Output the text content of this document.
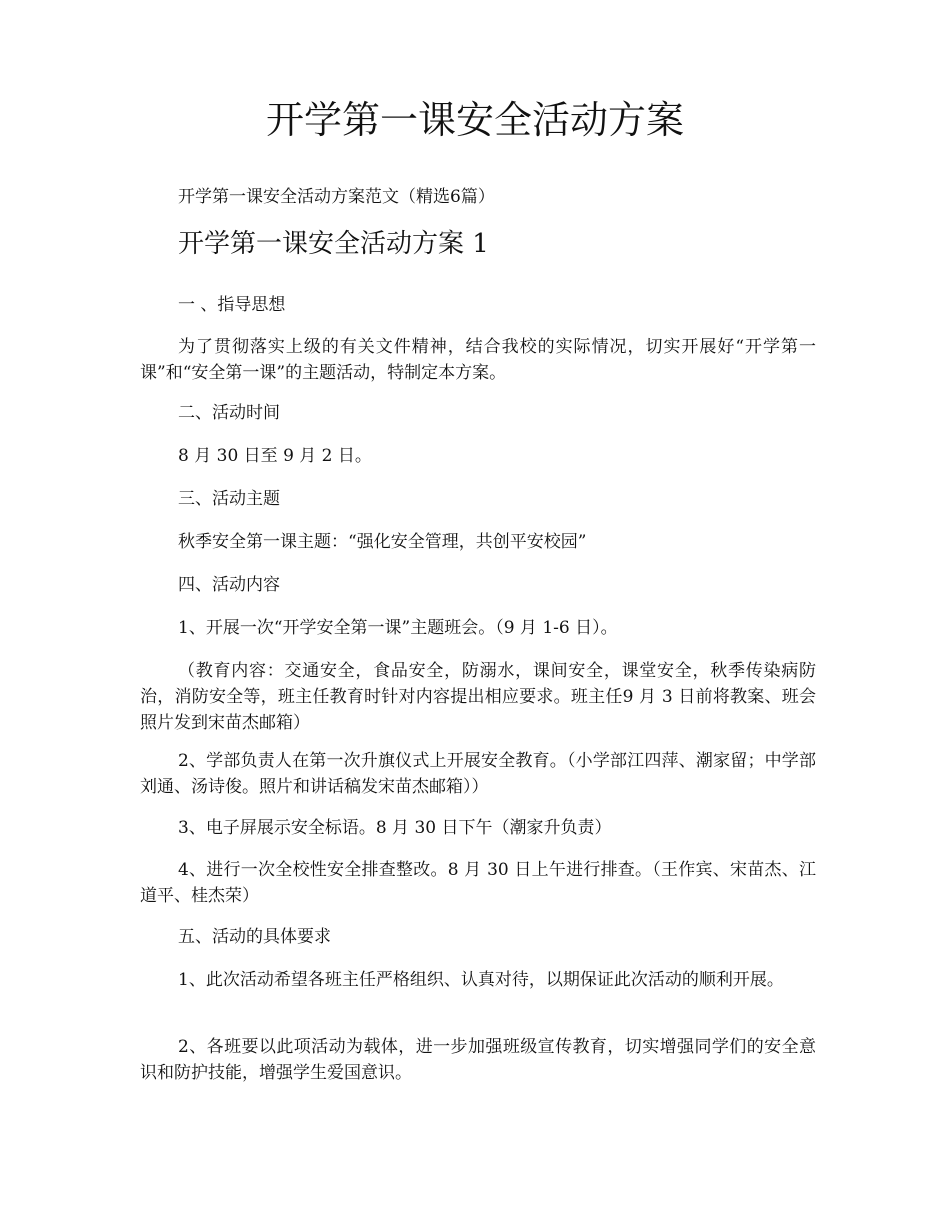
开学第一课安全活动方案
开学第一课安全活动方案范文（精选6篇）
开学第一课安全活动方案 1

一 、指导思想

为了贯彻落实上级的有关文件精神，结合我校的实际情况，切实开展好“开学第一课”和“安全第一课”的主题活动，特制定本方案。

二、活动时间

8 月 30 日至 9 月 2 日。

三、活动主题

秋季安全第一课主题：“强化安全管理，共创平安校园”

四、活动内容

1、开展一次“开学安全第一课”主题班会。（9 月 1-6 日）。

（教育内容：交通安全，食品安全，防溺水，课间安全，课堂安全，秋季传染病防治，消防安全等，班主任教育时针对内容提出相应要求。班主任9 月 3 日前将教案、班会照片发到宋苗杰邮箱）

2、学部负责人在第一次升旗仪式上开展安全教育。（小学部江四萍、潮家留；中学部刘通、汤诗俊。照片和讲话稿发宋苗杰邮箱））

3、电子屏展示安全标语。8 月 30 日下午（潮家升负责）

4、进行一次全校性安全排查整改。8 月 30 日上午进行排查。（王作宾、宋苗杰、江道平、桂杰荣）

五、活动的具体要求

1、此次活动希望各班主任严格组织、认真对待，以期保证此次活动的顺利开展。

2、各班要以此项活动为载体，进一步加强班级宣传教育，切实增强同学们的安全意识和防护技能，增强学生爱国意识。
